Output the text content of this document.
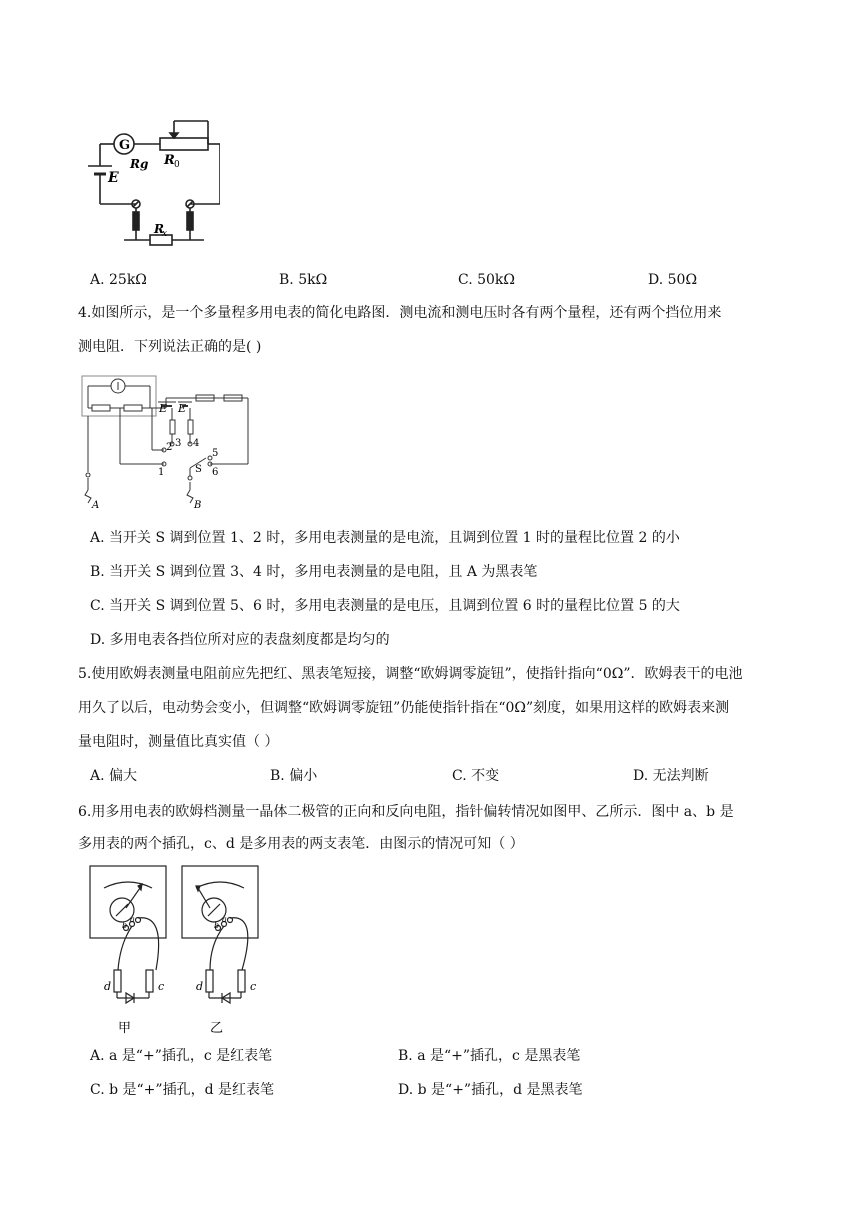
G
Rg R 0
E
R
x
A. 25kΩ	B. 5kΩ	C. 50kΩ	D. 50Ω
4.如图所示，是一个多量程多用电表的简化电路图．测电流和测电压时各有两个量程，还有两个挡位用来
测电阻．下列说法正确的是( )
E E
1
2 3 4
5
6
S
A	B
A. 当开关 S 调到位置 1、2 时，多用电表测量的是电流，且调到位置 1 时的量程比位置 2 的小
B. 当开关 S 调到位置 3、4 时，多用电表测量的是电阻，且 A 为黑表笔
C. 当开关 S 调到位置 5、6 时，多用电表测量的是电压，且调到位置 6 时的量程比位置 5 的大
D. 多用电表各挡位所对应的表盘刻度都是均匀的
5.使用欧姆表测量电阻前应先把红、黑表笔短接，调整“欧姆调零旋钮”，使指针指向“0Ω”．欧姆表干的电池
用久了以后，电动势会变小，但调整“欧姆调零旋钮”仍能使指针指在“0Ω”刻度，如果用这样的欧姆表来测
量电阻时，测量值比真实值（ ）
A. 偏大	B. 偏小	C. 不变	D. 无法判断
6.用多用电表的欧姆档测量一晶体二极管的正向和反向电阻，指针偏转情况如图甲、乙所示．图中 a、b 是
多用表的两个插孔，c、d 是多用表的两支表笔．由图示的情况可知（ ）
a
b
d	c
a
b
d	c
甲	乙
A. a 是“+”插孔，c 是红表笔	B. a 是“+”插孔，c 是黑表笔
C. b 是“+”插孔，d 是红表笔	D. b 是“+”插孔，d 是黑表笔
